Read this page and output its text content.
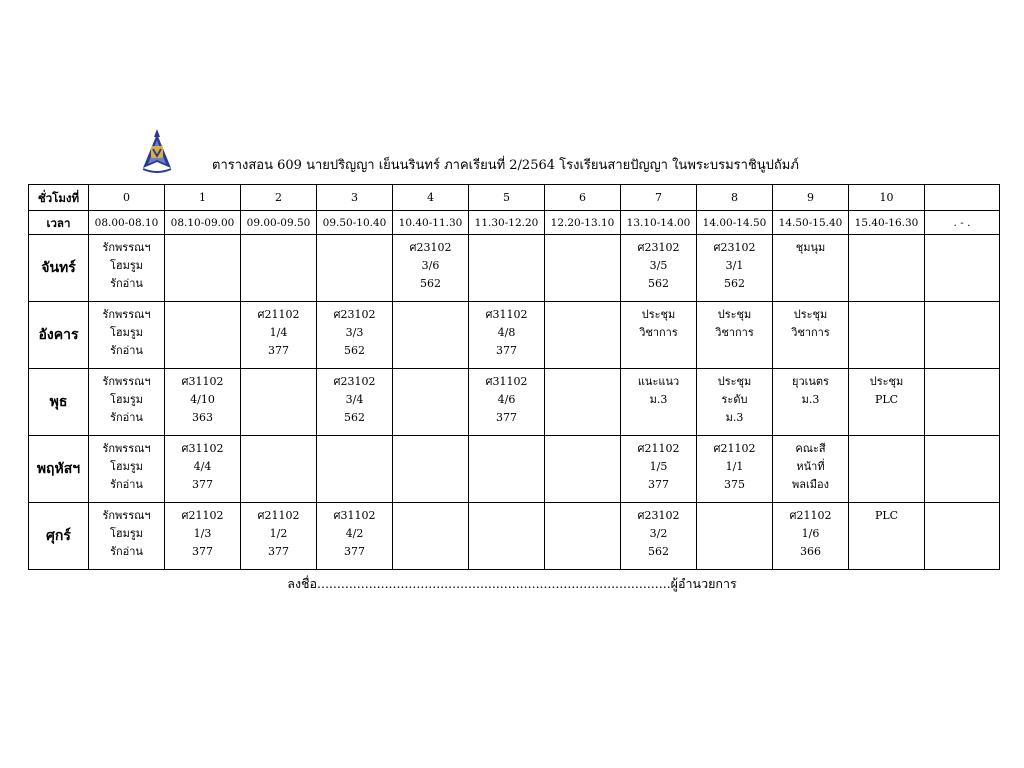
ตารางสอน 609 นายปริญญา เย็นนรินทร์ ภาคเรียนที่ 2/2564 โรงเรียนสายปัญญา ในพระบรมราชินูปถัมภ์
ชั่วโมงที่	0	1	2	3	4	5	6	7	8	9	10	
เวลา	08.00-08.10	08.10-09.00	09.00-09.50	09.50-10.40	10.40-11.30	11.30-12.20	12.20-13.10	13.10-14.00	14.00-14.50	14.50-15.40	15.40-16.30	. - .
จันทร์	รักพรรณฯ
โฮมรูม
รักอ่าน				ศ23102
3/6
562			ศ23102
3/5
562	ศ23102
3/1
562	ชุมนุม		

อังคาร	รักพรรณฯ
โฮมรูม
รักอ่าน		ศ21102
1/4
377	ศ23102
3/3
562		ศ31102
4/8
377		ประชุม
วิชาการ	ประชุม
วิชาการ	ประชุม
วิชาการ		

พุธ	รักพรรณฯ
โฮมรูม
รักอ่าน	ศ31102
4/10
363		ศ23102
3/4
562		ศ31102
4/6
377		แนะแนว
ม.3	ประชุม
ระดับ
ม.3	ยุวเนตร
ม.3	ประชุม
PLC	

พฤหัสฯ	รักพรรณฯ
โฮมรูม
รักอ่าน	ศ31102
4/4
377						ศ21102
1/5
377	ศ21102
1/1
375	คณะสี
หน้าที่
พลเมือง		

ศุกร์	รักพรรณฯ
โฮมรูม
รักอ่าน	ศ21102
1/3
377	ศ21102
1/2
377	ศ31102
4/2
377				ศ23102
3/2
562		ศ21102
1/6
366	PLC	

ลงชื่อ.........................................................................................ผู้อำนวยการ
